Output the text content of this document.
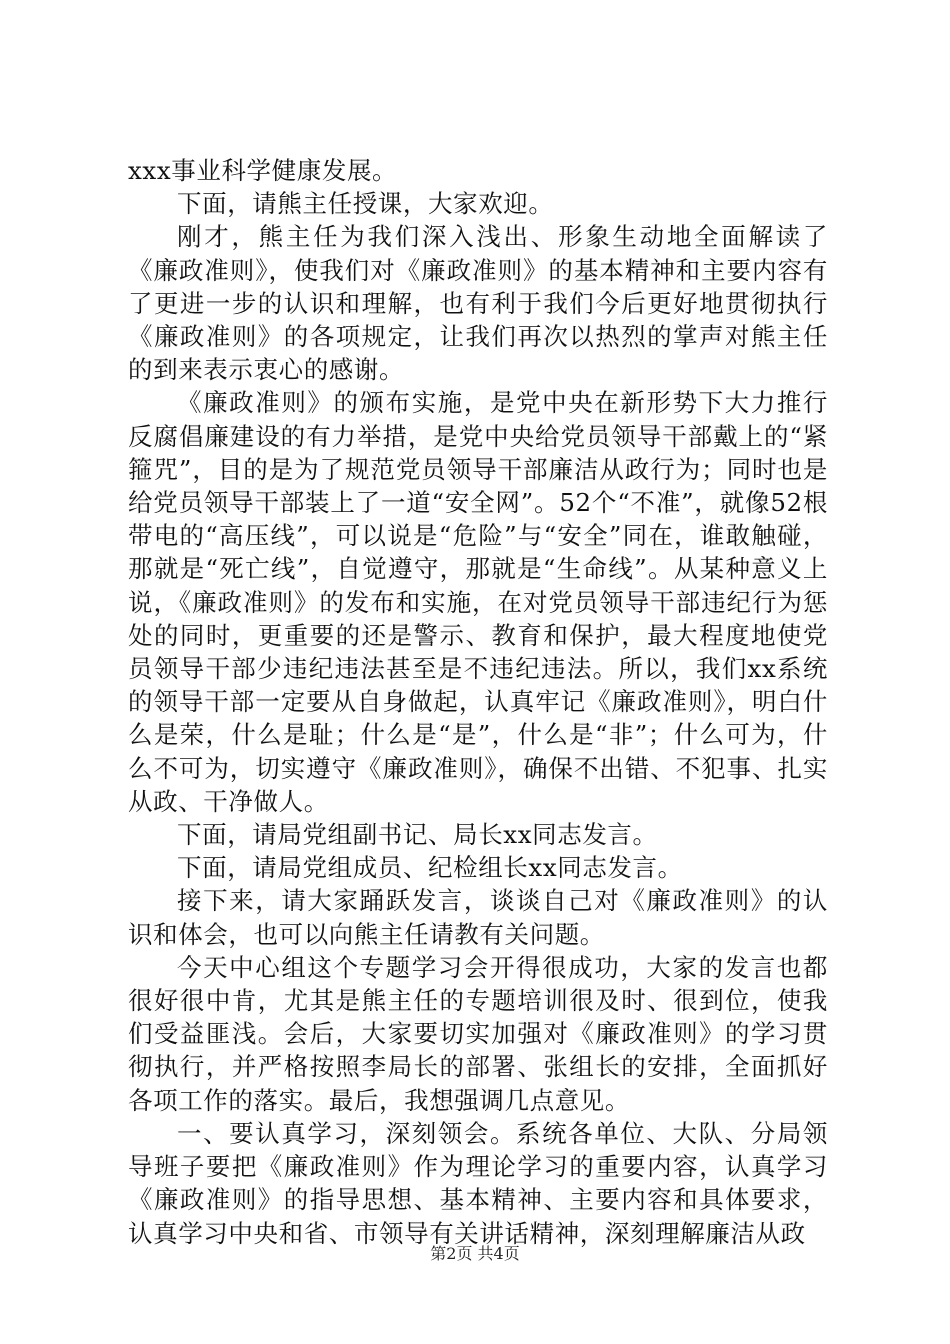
xxx事业科学健康发展。

下面，请熊主任授课，大家欢迎。

刚才，熊主任为我们深入浅出、形象生动地全面解读了《廉政准则》，使我们对《廉政准则》的基本精神和主要内容有了更进一步的认识和理解，也有利于我们今后更好地贯彻执行《廉政准则》的各项规定，让我们再次以热烈的掌声对熊主任的到来表示衷心的感谢。

《廉政准则》的颁布实施，是党中央在新形势下大力推行反腐倡廉建设的有力举措，是党中央给党员领导干部戴上的“紧箍咒”，目的是为了规范党员领导干部廉洁从政行为；同时也是给党员领导干部装上了一道“安全网”。52个“不准”，就像52根带电的“高压线”，可以说是“危险”与“安全”同在，谁敢触碰，那就是“死亡线”，自觉遵守，那就是“生命线”。从某种意义上说，《廉政准则》的发布和实施，在对党员领导干部违纪行为惩处的同时，更重要的还是警示、教育和保护，最大程度地使党员领导干部少违纪违法甚至是不违纪违法。所以，我们xx系统的领导干部一定要从自身做起，认真牢记《廉政准则》，明白什么是荣，什么是耻；什么是“是”，什么是“非”；什么可为，什么不可为，切实遵守《廉政准则》，确保不出错、不犯事、扎实从政、干净做人。

下面，请局党组副书记、局长xx同志发言。

下面，请局党组成员、纪检组长xx同志发言。

接下来，请大家踊跃发言，谈谈自己对《廉政准则》的认识和体会，也可以向熊主任请教有关问题。

今天中心组这个专题学习会开得很成功，大家的发言也都很好很中肯，尤其是熊主任的专题培训很及时、很到位，使我们受益匪浅。会后，大家要切实加强对《廉政准则》的学习贯彻执行，并严格按照李局长的部署、张组长的安排，全面抓好各项工作的落实。最后，我想强调几点意见。

一、要认真学习，深刻领会。系统各单位、大队、分局领导班子要把《廉政准则》作为理论学习的重要内容，认真学习《廉政准则》的指导思想、基本精神、主要内容和具体要求，认真学习中央和省、市领导有关讲话精神，深刻理解廉洁从政

第2页 共4页
